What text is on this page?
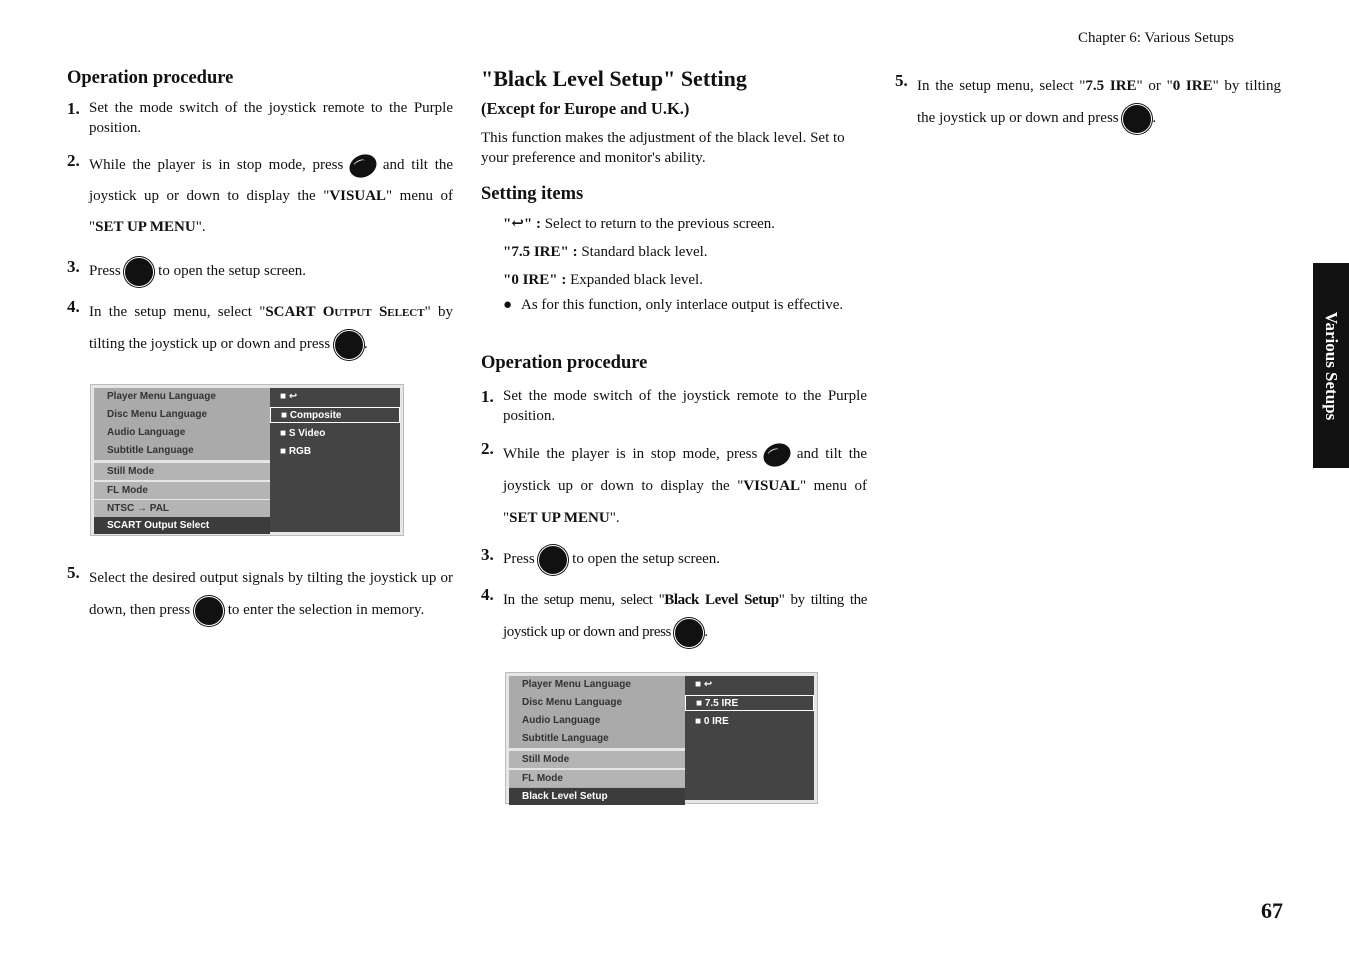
Chapter 6: Various Setups
Operation procedure
1. Set the mode switch of the joystick remote to the Purple position.
2. While the player is in stop mode, press	and tilt the joystick up or down to display the "VISUAL" menu of "SET UP MENU".
3. Press	to open the setup screen.
4. In the setup menu, select "SCART Output Select" by tilting the joystick up or down and press .
5. Select the desired output signals by tilting the joystick up or down, then press	to enter the selection in memory.
Player Menu Language
Disc Menu Language
Audio Language
Subtitle Language
Still Mode
FL Mode
NTSC → PAL
SCART Output Select
■ ↩
■ Composite
■ S Video
■ RGB
"Black Level Setup" Setting
(Except for Europe and U.K.)
This function makes the adjustment of the black level. Set to your preference and monitor's ability.
Setting items
"↩" : Select to return to the previous screen.
"7.5 IRE" : Standard black level.
"0 IRE" : Expanded black level.
● As for this function, only interlace output is effective.
Operation procedure
1. Set the mode switch of the joystick remote to the Purple position.
2. While the player is in stop mode, press	and tilt the joystick up or down to display the "VISUAL" menu of "SET UP MENU".
3. Press	to open the setup screen.
4. In the setup menu, select "Black Level Setup" by tilting the joystick up or down and press .
Player Menu Language
Disc Menu Language
Audio Language
Subtitle Language
Still Mode
FL Mode
Black Level Setup
■ ↩
■ 7.5 IRE
■ 0 IRE
5. In the setup menu, select "7.5 IRE" or "0 IRE" by tilting the joystick up or down and press .
Various Setups
67
